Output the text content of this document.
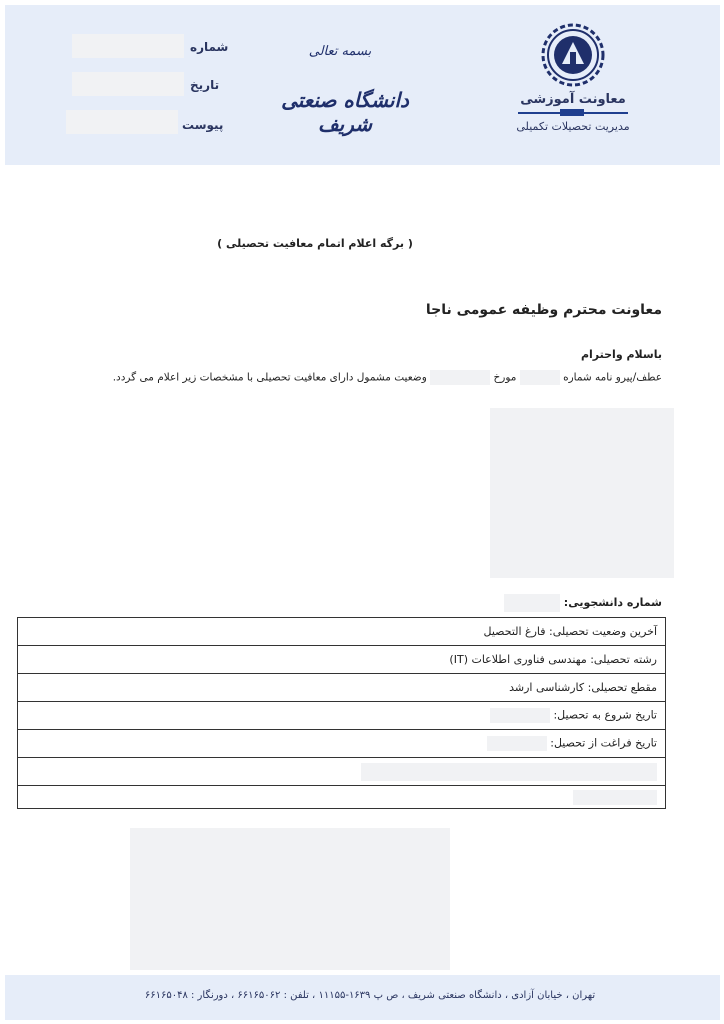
معاونت آموزشی
مدیریت تحصیلات تکمیلی
بسمه تعالی
دانشگاه صنعتی شریف
شماره
تاریخ
پیوست
( برگه اعلام اتمام معافیت تحصیلی )
معاونت محترم وظیفه عمومی ناجا
باسلام واحترام
عطف/پیرو نامه شماره  مورخ  وضعیت مشمول دارای معافیت تحصیلی با مشخصات زیر اعلام می گردد.
شماره دانشجویی:
آخرین وضعیت تحصیلی: فارغ التحصیل
رشته تحصیلی: مهندسی فناوری اطلاعات (IT)
مقطع تحصیلی: کارشناسی ارشد
تاریخ شروع به تحصیل:
تاریخ فراغت از تحصیل:

تهران ، خیابان آزادی ، دانشگاه صنعتی شریف ، ص پ ۱۶۳۹-۱۱۱۵۵ ، تلفن : ۶۶۱۶۵۰۶۲ ، دورنگار : ۶۶۱۶۵۰۴۸
